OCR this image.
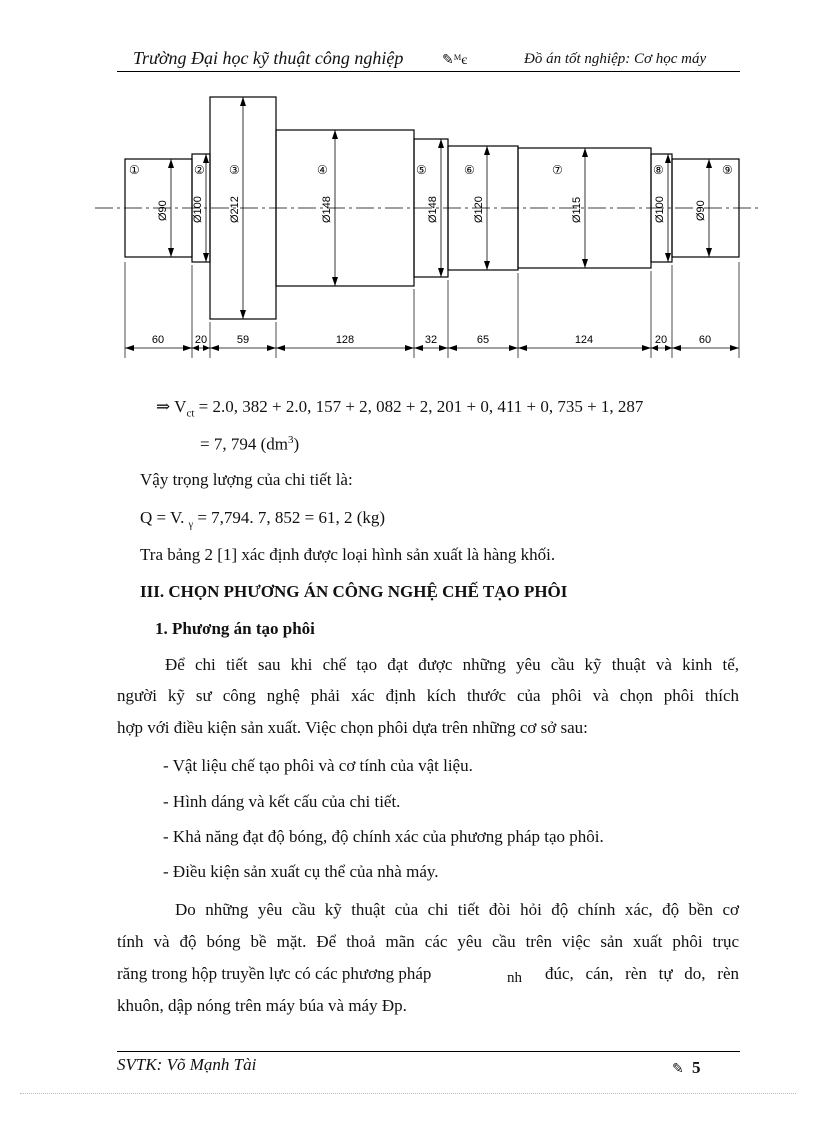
Trường Đại học kỹ thuật công nghiệp	✎ᴹє	Đồ án tốt nghiệp: Cơ học máy
①	② ③	④	⑤	⑥	⑦	⑧	⑨
Ø90 Ø100 Ø212	Ø148	Ø148	Ø120	Ø115	Ø100	Ø90
60	20	59	128	32	65	124	20	60
⇒ $V_{ct} = 2.0$, 382 + 2.0, 157 + 2, 082 + 2, 201 + 0, 411 + 0, 735 + 1, 287
= 7, 794 $(dm^3)$
Vậy trọng lượng của chi tiết là:
Q = V. $_\gamma$ = 7,794. 7, 852 = 61, 2 (kg)
Tra bảng 2 [1] xác định được loại hình sản xuất là hàng khối.
III. CHỌN PHƯƠNG ÁN CÔNG NGHỆ CHẾ TẠO PHÔI
1. Phương án tạo phôi
Để chi tiết sau khi chế tạo đạt được những yêu cầu kỹ thuật và kinh tế,
người kỹ sư công nghệ phải xác định kích thước của phôi và chọn phôi thích
hợp với điều kiện sản xuất. Việc chọn phôi dựa trên những cơ sở sau:
- Vật liệu chế tạo phôi và cơ tính của vật liệu.
- Hình dáng và kết cấu của chi tiết.
- Khả năng đạt độ bóng, độ chính xác của phương pháp tạo phôi.
- Điều kiện sản xuất cụ thể của nhà máy.
Do những yêu cầu kỹ thuật của chi tiết đòi hỏi độ chính xác, độ bền cơ
tính và độ bóng bề mặt. Để thoả mãn các yêu cầu trên việc sản xuất phôi trục
răng trong hộp truyền lực có các phương pháp	nh đúc, cán, rèn tự do, rèn
khuôn, dập nóng trên máy búa và máy Đp.
SVTK: Võ Mạnh Tài	✎ 5
